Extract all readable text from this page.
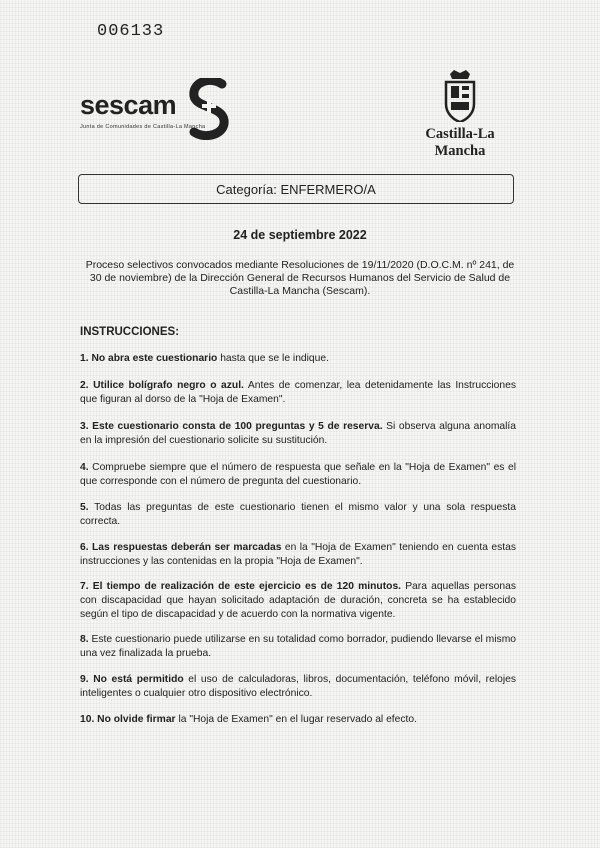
006133
sescam
Junta de Comunidades de Castilla-La Mancha	Castilla-La Mancha
Categoría: ENFERMERO/A
24 de septiembre 2022
Proceso selectivos convocados mediante Resoluciones de 19/11/2020 (D.O.C.M. nº 241, de 30 de noviembre) de la Dirección General de Recursos Humanos del Servicio de Salud de Castilla-La Mancha (Sescam).
INSTRUCCIONES:
1. No abra este cuestionario hasta que se le indique.
2. Utilice bolígrafo negro o azul. Antes de comenzar, lea detenidamente las Instrucciones que figuran al dorso de la "Hoja de Examen".
3. Este cuestionario consta de 100 preguntas y 5 de reserva. Si observa alguna anomalía en la impresión del cuestionario solicite su sustitución.
4. Compruebe siempre que el número de respuesta que señale en la "Hoja de Examen" es el que corresponde con el número de pregunta del cuestionario.
5. Todas las preguntas de este cuestionario tienen el mismo valor y una sola respuesta correcta.
6. Las respuestas deberán ser marcadas en la "Hoja de Examen" teniendo en cuenta estas instrucciones y las contenidas en la propia "Hoja de Examen".
7. El tiempo de realización de este ejercicio es de 120 minutos. Para aquellas personas con discapacidad que hayan solicitado adaptación de duración, concreta se ha establecido según el tipo de discapacidad y de acuerdo con la normativa vigente.
8. Este cuestionario puede utilizarse en su totalidad como borrador, pudiendo llevarse el mismo una vez finalizada la prueba.
9. No está permitido el uso de calculadoras, libros, documentación, teléfono móvil, relojes inteligentes o cualquier otro dispositivo electrónico.
10. No olvide firmar la "Hoja de Examen" en el lugar reservado al efecto.
